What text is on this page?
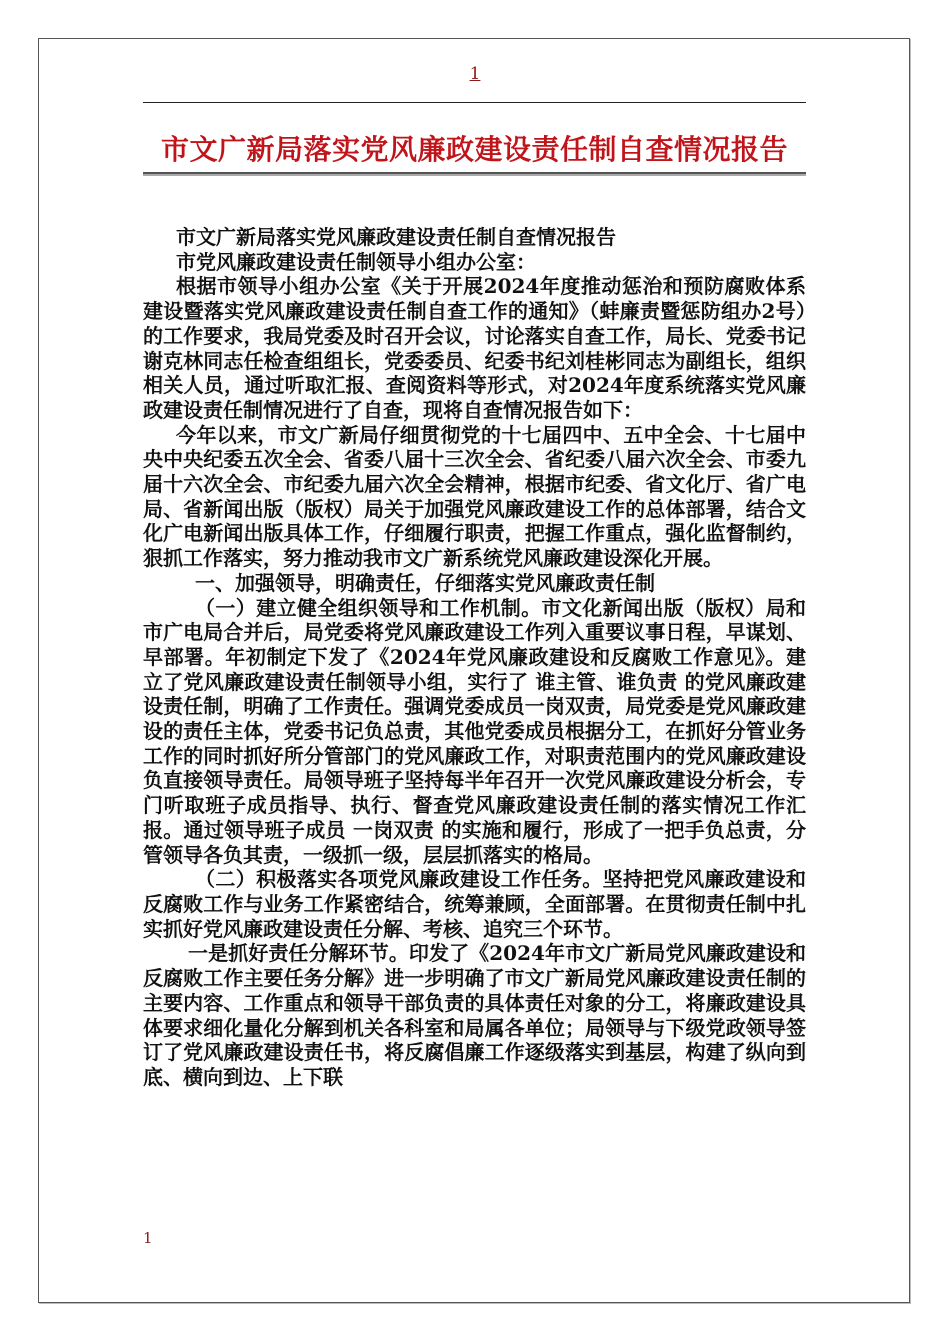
1
市文广新局落实党风廉政建设责任制自查情况报告

市文广新局落实党风廉政建设责任制自查情况报告

市党风廉政建设责任制领导小组办公室：

根据市领导小组办公室《关于开展2024年度推动惩治和预防腐败体系建设暨落实党风廉政建设责任制自查工作的通知》（蚌廉责暨惩防组办2号）的工作要求，我局党委及时召开会议，讨论落实自查工作，局长、党委书记谢克林同志任检查组组长，党委委员、纪委书纪刘桂彬同志为副组长，组织相关人员，通过听取汇报、查阅资料等形式，对2024年度系统落实党风廉政建设责任制情况进行了自查，现将自查情况报告如下：

今年以来，市文广新局仔细贯彻党的十七届四中、五中全会、十七届中央中央纪委五次全会、省委八届十三次全会、省纪委八届六次全会、市委九届十六次全会、市纪委九届六次全会精神，根据市纪委、省文化厅、省广电局、省新闻出版（版权）局关于加强党风廉政建设工作的总体部署，结合文化广电新闻出版具体工作，仔细履行职责，把握工作重点，强化监督制约，狠抓工作落实，努力推动我市文广新系统党风廉政建设深化开展。

一、加强领导，明确责任，仔细落实党风廉政责任制

（一）建立健全组织领导和工作机制。市文化新闻出版（版权）局和市广电局合并后，局党委将党风廉政建设工作列入重要议事日程，早谋划、早部署。年初制定下发了《2024年党风廉政建设和反腐败工作意见》。建立了党风廉政建设责任制领导小组，实行了 谁主管、谁负责 的党风廉政建设责任制，明确了工作责任。强调党委成员一岗双责，局党委是党风廉政建设的责任主体，党委书记负总责，其他党委成员根据分工，在抓好分管业务工作的同时抓好所分管部门的党风廉政工作，对职责范围内的党风廉政建设负直接领导责任。局领导班子坚持每半年召开一次党风廉政建设分析会，专门听取班子成员指导、执行、督查党风廉政建设责任制的落实情况工作汇报。通过领导班子成员 一岗双责 的实施和履行，形成了一把手负总责，分管领导各负其责，一级抓一级，层层抓落实的格局。

（二）积极落实各项党风廉政建设工作任务。坚持把党风廉政建设和反腐败工作与业务工作紧密结合，统筹兼顾，全面部署。在贯彻责任制中扎实抓好党风廉政建设责任分解、考核、追究三个环节。

一是抓好责任分解环节。印发了《2024年市文广新局党风廉政建设和反腐败工作主要任务分解》进一步明确了市文广新局党风廉政建设责任制的主要内容、工作重点和领导干部负责的具体责任对象的分工，将廉政建设具体要求细化量化分解到机关各科室和局属各单位；局领导与下级党政领导签订了党风廉政建设责任书，将反腐倡廉工作逐级落实到基层，构建了纵向到底、横向到边、上下联

1
